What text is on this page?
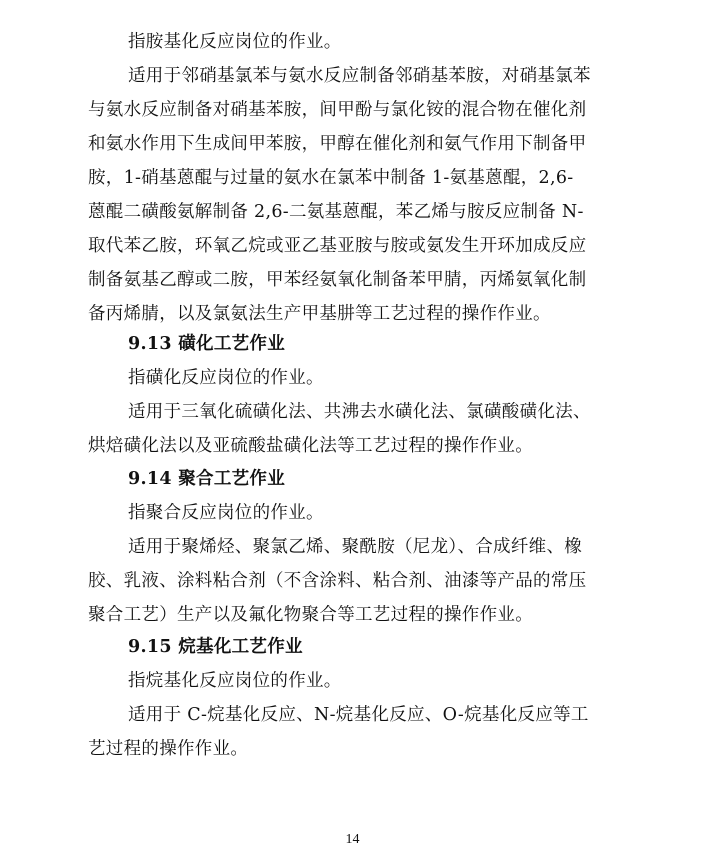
指胺基化反应岗位的作业。
适用于邻硝基氯苯与氨水反应制备邻硝基苯胺，对硝基氯苯
与氨水反应制备对硝基苯胺，间甲酚与氯化铵的混合物在催化剂
和氨水作用下生成间甲苯胺，甲醇在催化剂和氨气作用下制备甲
胺，1-硝基蒽醌与过量的氨水在氯苯中制备 1-氨基蒽醌，2,6-
蒽醌二磺酸氨解制备 2,6-二氨基蒽醌，苯乙烯与胺反应制备 N-
取代苯乙胺，环氧乙烷或亚乙基亚胺与胺或氨发生开环加成反应
制备氨基乙醇或二胺，甲苯经氨氧化制备苯甲腈，丙烯氨氧化制
备丙烯腈，以及氯氨法生产甲基肼等工艺过程的操作作业。
9.13 磺化工艺作业
指磺化反应岗位的作业。
适用于三氧化硫磺化法、共沸去水磺化法、氯磺酸磺化法、
烘焙磺化法以及亚硫酸盐磺化法等工艺过程的操作作业。
9.14 聚合工艺作业
指聚合反应岗位的作业。
适用于聚烯烃、聚氯乙烯、聚酰胺（尼龙）、合成纤维、橡
胶、乳液、涂料粘合剂（不含涂料、粘合剂、油漆等产品的常压
聚合工艺）生产以及氟化物聚合等工艺过程的操作作业。
9.15 烷基化工艺作业
指烷基化反应岗位的作业。
适用于 C-烷基化反应、N-烷基化反应、O-烷基化反应等工
艺过程的操作作业。
14
